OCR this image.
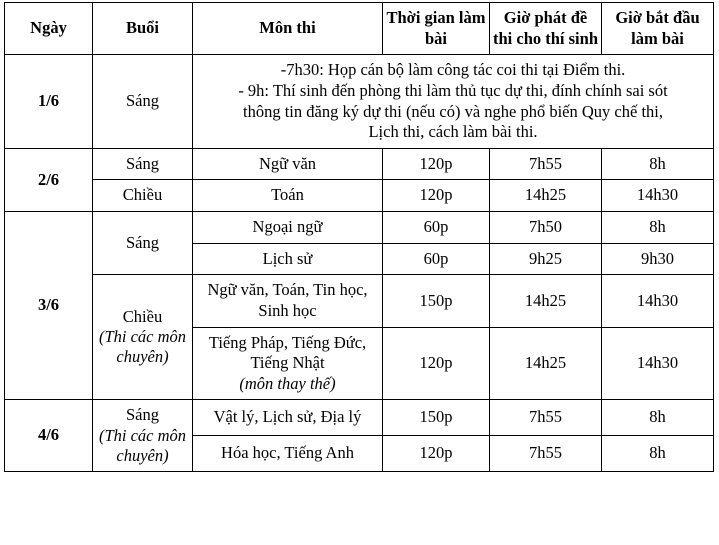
Ngày	Buổi	Môn thi	Thời gian làm bài	Giờ phát đề thi cho thí sinh	Giờ bắt đầu làm bài
1/6	Sáng	-7h30: Họp cán bộ làm công tác coi thi tại Điểm thi.
- 9h: Thí sinh đến phòng thi làm thủ tục dự thi, đính chính sai sót
thông tin đăng ký dự thi (nếu có) và nghe phổ biến Quy chế thi,
Lịch thi, cách làm bài thi.			

2/6	Sáng	Ngữ văn	120p	7h55	8h
	Chiều	Toán	120p	14h25	14h30
3/6	Sáng	Ngoại ngữ	60p	7h50	8h
		Lịch sử	60p	9h25	9h30
	Chiều
(Thi các môn chuyên)	Ngữ văn, Toán, Tin học, Sinh học	150p	14h25	14h30
		Tiếng Pháp, Tiếng Đức, Tiếng Nhật
(môn thay thế)	120p	14h25	14h30
4/6	Sáng
(Thi các môn chuyên)	Vật lý, Lịch sử, Địa lý	150p	7h55	8h
		Hóa học, Tiếng Anh	120p	7h55	8h
